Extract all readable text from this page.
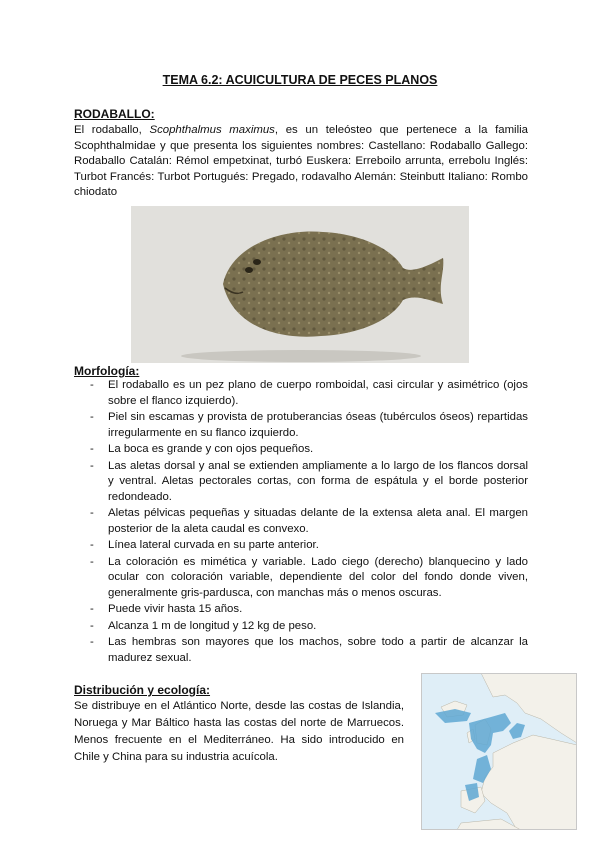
TEMA 6.2: ACUICULTURA DE PECES PLANOS
RODABALLO:
El rodaballo, Scophthalmus maximus, es un teleósteo que pertenece a la familia Scophthalmidae y que presenta los siguientes nombres: Castellano: Rodaballo Gallego: Rodaballo Catalán: Rémol empetxinat, turbó Euskera: Erreboilo arrunta, errebolu Inglés: Turbot Francés: Turbot Portugués: Pregado, rodavalho Alemán: Steinbutt Italiano: Rombo chiodato
Morfología:
- El rodaballo es un pez plano de cuerpo romboidal, casi circular y asimétrico (ojos sobre el flanco izquierdo).
- Piel sin escamas y provista de protuberancias óseas (tubérculos óseos) repartidas irregularmente en su flanco izquierdo.
- La boca es grande y con ojos pequeños.
- Las aletas dorsal y anal se extienden ampliamente a lo largo de los flancos dorsal y ventral. Aletas pectorales cortas, con forma de espátula y el borde posterior redondeado.
- Aletas pélvicas pequeñas y situadas delante de la extensa aleta anal. El margen posterior de la aleta caudal es convexo.
- Línea lateral curvada en su parte anterior.
- La coloración es mimética y variable. Lado ciego (derecho) blanquecino y lado ocular con coloración variable, dependiente del color del fondo donde viven, generalmente gris-pardusca, con manchas más o menos oscuras.
- Puede vivir hasta 15 años.
- Alcanza 1 m de longitud y 12 kg de peso.
- Las hembras son mayores que los machos, sobre todo a partir de alcanzar la madurez sexual.
Distribución y ecología:
Se distribuye en el Atlántico Norte, desde las costas de Islandia, Noruega y Mar Báltico hasta las costas del norte de Marruecos. Menos frecuente en el Mediterráneo. Ha sido introducido en Chile y China para su industria acuícola.
